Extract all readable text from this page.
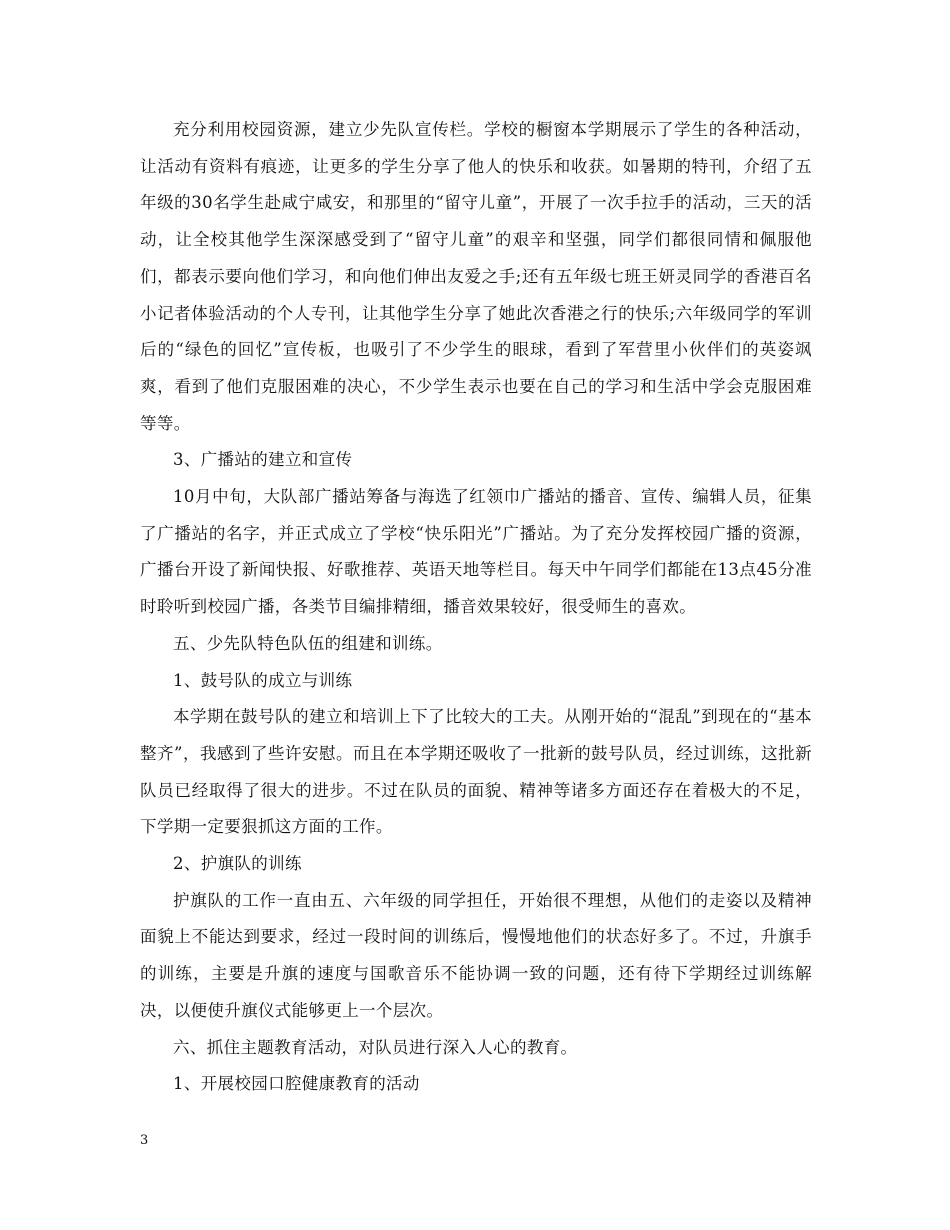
充分利用校园资源，建立少先队宣传栏。学校的橱窗本学期展示了学生的各种活动，让活动有资料有痕迹，让更多的学生分享了他人的快乐和收获。如暑期的特刊，介绍了五年级的30名学生赴咸宁咸安，和那里的“留守儿童”，开展了一次手拉手的活动，三天的活动，让全校其他学生深深感受到了“留守儿童”的艰辛和坚强，同学们都很同情和佩服他们，都表示要向他们学习，和向他们伸出友爱之手;还有五年级七班王妍灵同学的香港百名小记者体验活动的个人专刊，让其他学生分享了她此次香港之行的快乐;六年级同学的军训后的“绿色的回忆”宣传板，也吸引了不少学生的眼球，看到了军营里小伙伴们的英姿飒爽，看到了他们克服困难的决心，不少学生表示也要在自己的学习和生活中学会克服困难等等。

3、广播站的建立和宣传

10月中旬，大队部广播站筹备与海选了红领巾广播站的播音、宣传、编辑人员，征集了广播站的名字，并正式成立了学校“快乐阳光”广播站。为了充分发挥校园广播的资源，广播台开设了新闻快报、好歌推荐、英语天地等栏目。每天中午同学们都能在13点45分准时聆听到校园广播，各类节目编排精细，播音效果较好，很受师生的喜欢。

五、少先队特色队伍的组建和训练。

1、鼓号队的成立与训练

本学期在鼓号队的建立和培训上下了比较大的工夫。从刚开始的“混乱”到现在的“基本整齐”，我感到了些许安慰。而且在本学期还吸收了一批新的鼓号队员，经过训练，这批新队员已经取得了很大的进步。不过在队员的面貌、精神等诸多方面还存在着极大的不足，下学期一定要狠抓这方面的工作。

2、护旗队的训练

护旗队的工作一直由五、六年级的同学担任，开始很不理想，从他们的走姿以及精神面貌上不能达到要求，经过一段时间的训练后，慢慢地他们的状态好多了。不过，升旗手的训练，主要是升旗的速度与国歌音乐不能协调一致的问题，还有待下学期经过训练解决，以便使升旗仪式能够更上一个层次。

六、抓住主题教育活动，对队员进行深入人心的教育。

1、开展校园口腔健康教育的活动

3
